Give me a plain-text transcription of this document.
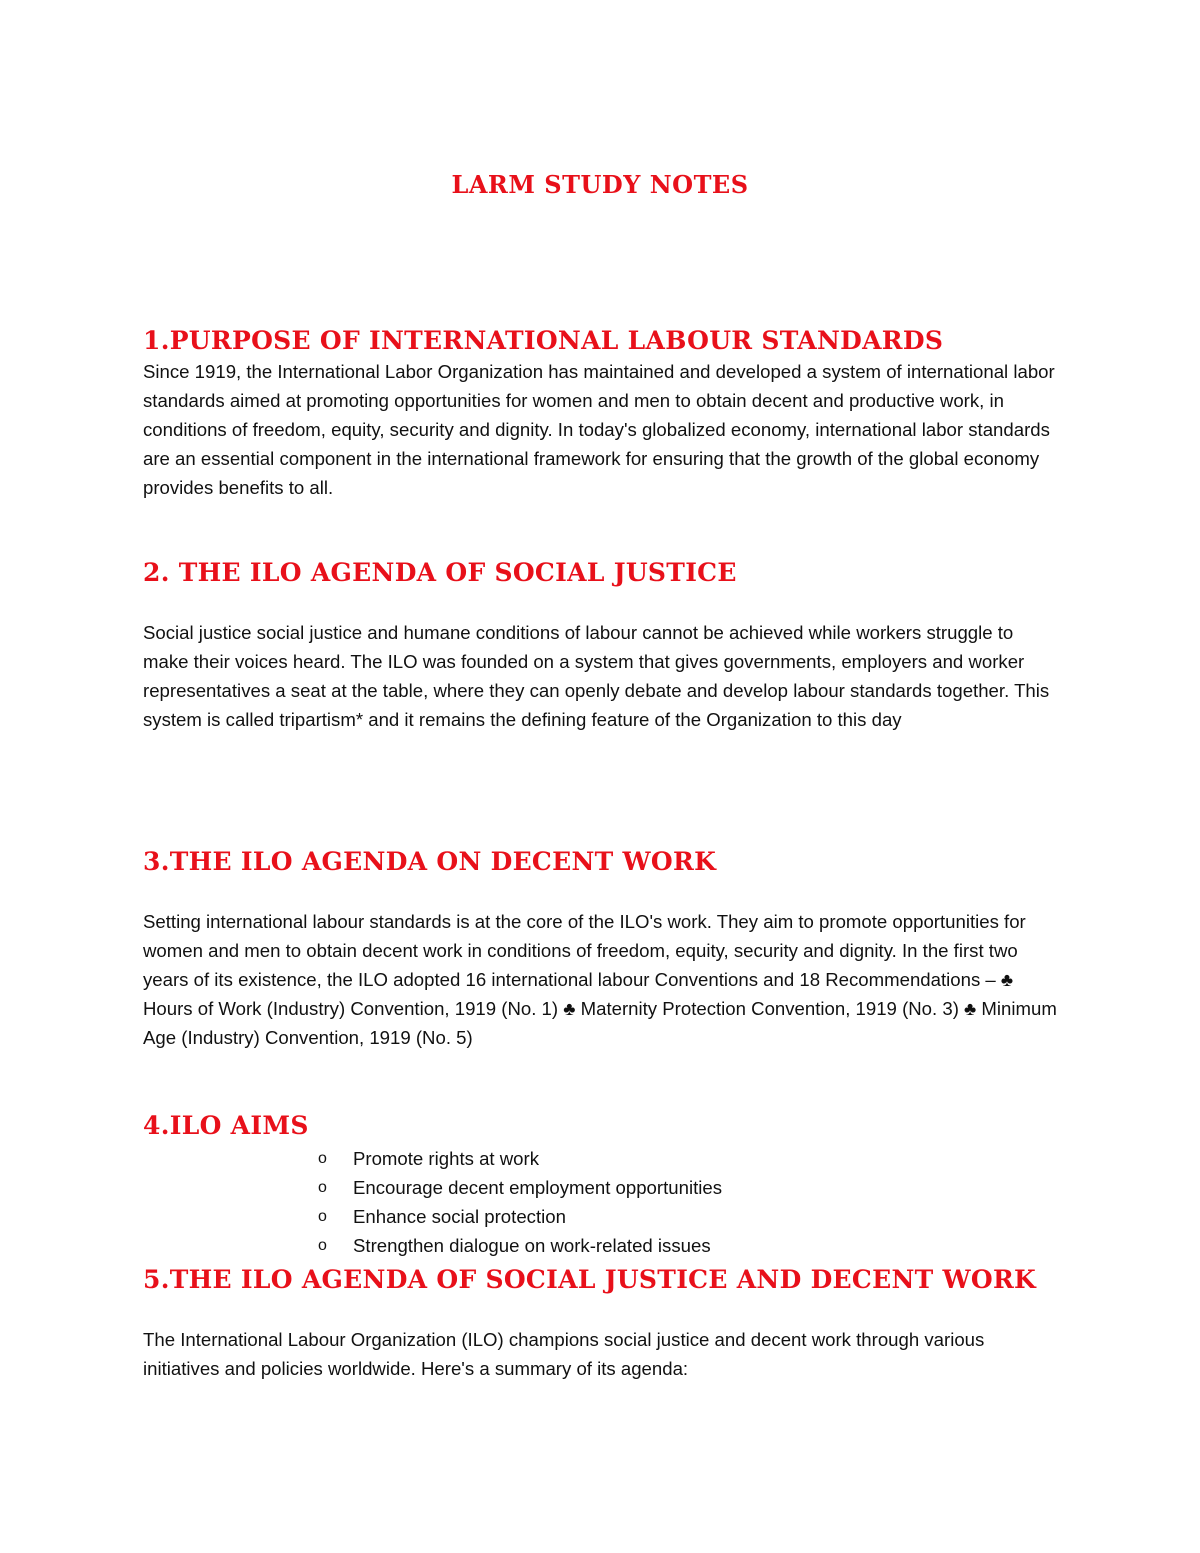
LARM STUDY NOTES
1.PURPOSE OF INTERNATIONAL LABOUR STANDARDS

Since 1919, the International Labor Organization has maintained and developed a system of international labor standards aimed at promoting opportunities for women and men to obtain decent and productive work, in conditions of freedom, equity, security and dignity. In today's globalized economy, international labor standards are an essential component in the international framework for ensuring that the growth of the global economy provides benefits to all.

2. THE ILO AGENDA OF SOCIAL JUSTICE

Social justice social justice and humane conditions of labour cannot be achieved while workers struggle to make their voices heard. The ILO was founded on a system that gives governments, employers and worker representatives a seat at the table, where they can openly debate and develop labour standards together. This system is called tripartism* and it remains the defining feature of the Organization to this day

3.THE ILO AGENDA ON DECENT WORK

Setting international labour standards is at the core of the ILO's work. They aim to promote opportunities for women and men to obtain decent work in conditions of freedom, equity, security and dignity. In the first two years of its existence, the ILO adopted 16 international labour Conventions and 18 Recommendations – ♣ Hours of Work (Industry) Convention, 1919 (No. 1) ♣ Maternity Protection Convention, 1919 (No. 3) ♣ Minimum Age (Industry) Convention, 1919 (No. 5)

4.ILO AIMS
o Promote rights at work
o Encourage decent employment opportunities
o Enhance social protection
o Strengthen dialogue on work-related issues
5.THE ILO AGENDA OF SOCIAL JUSTICE AND DECENT WORK

The International Labour Organization (ILO) champions social justice and decent work through various initiatives and policies worldwide. Here's a summary of its agenda:
